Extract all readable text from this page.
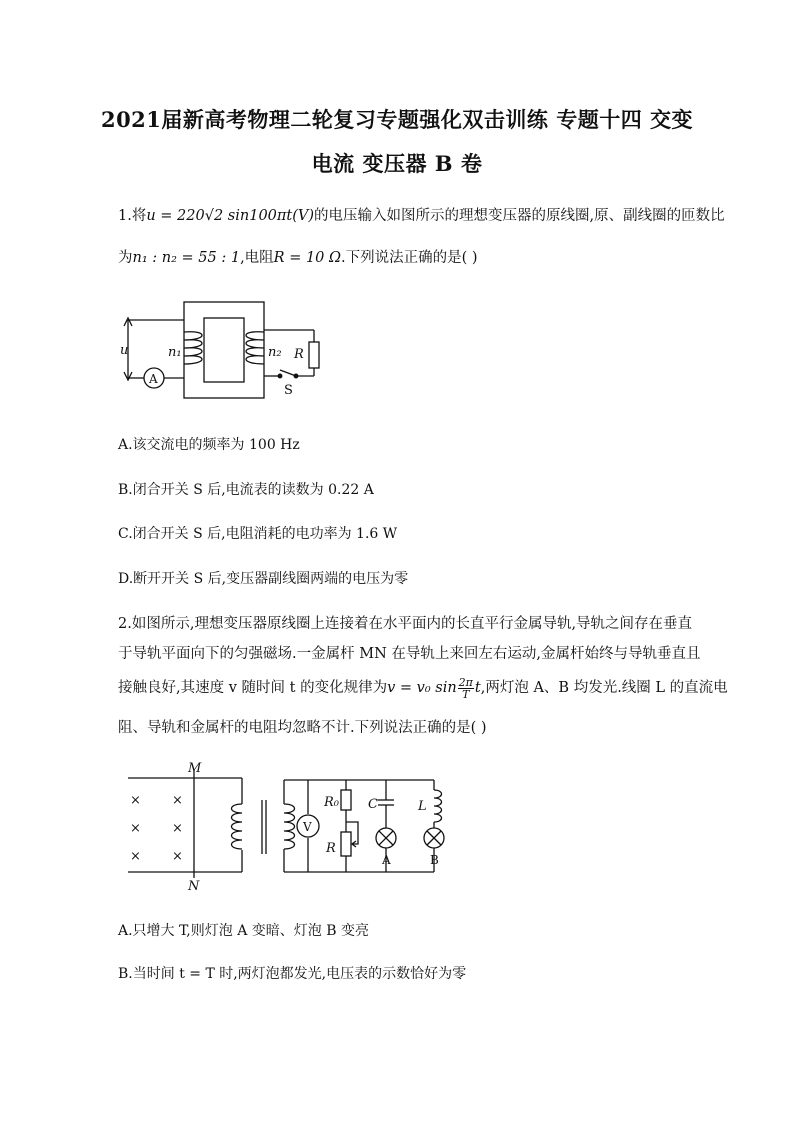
2021届新高考物理二轮复习专题强化双击训练 专题十四 交变
电流 变压器 B 卷
1.将u = 220√2 sin100πt(V)的电压输入如图所示的理想变压器的原线圈,原、副线圈的匝数比
为n₁ : n₂ = 55 : 1,电阻R = 10 Ω.下列说法正确的是( )
u
A
n₁	n₂ R
S
A.该交流电的频率为 100 Hz
B.闭合开关 S 后,电流表的读数为 0.22 A
C.闭合开关 S 后,电阻消耗的电功率为 1.6 W
D.断开开关 S 后,变压器副线圈两端的电压为零
2.如图所示,理想变压器原线圈上连接着在水平面内的长直平行金属导轨,导轨之间存在垂直
于导轨平面向下的匀强磁场.一金属杆 MN 在导轨上来回左右运动,金属杆始终与导轨垂直且
接触良好,其速度 v 随时间 t 的变化规律为v = v₀ $\sin \frac{2\pi}{T} t$,两灯泡 A、B 均发光.线圈 L 的直流电
阻、导轨和金属杆的电阻均忽略不计.下列说法正确的是( )
M
N
× ×
× ×
× ×
V
R₀
R
C	L
A	B
A.只增大 T,则灯泡 A 变暗、灯泡 B 变亮
B.当时间 t = T 时,两灯泡都发光,电压表的示数恰好为零
